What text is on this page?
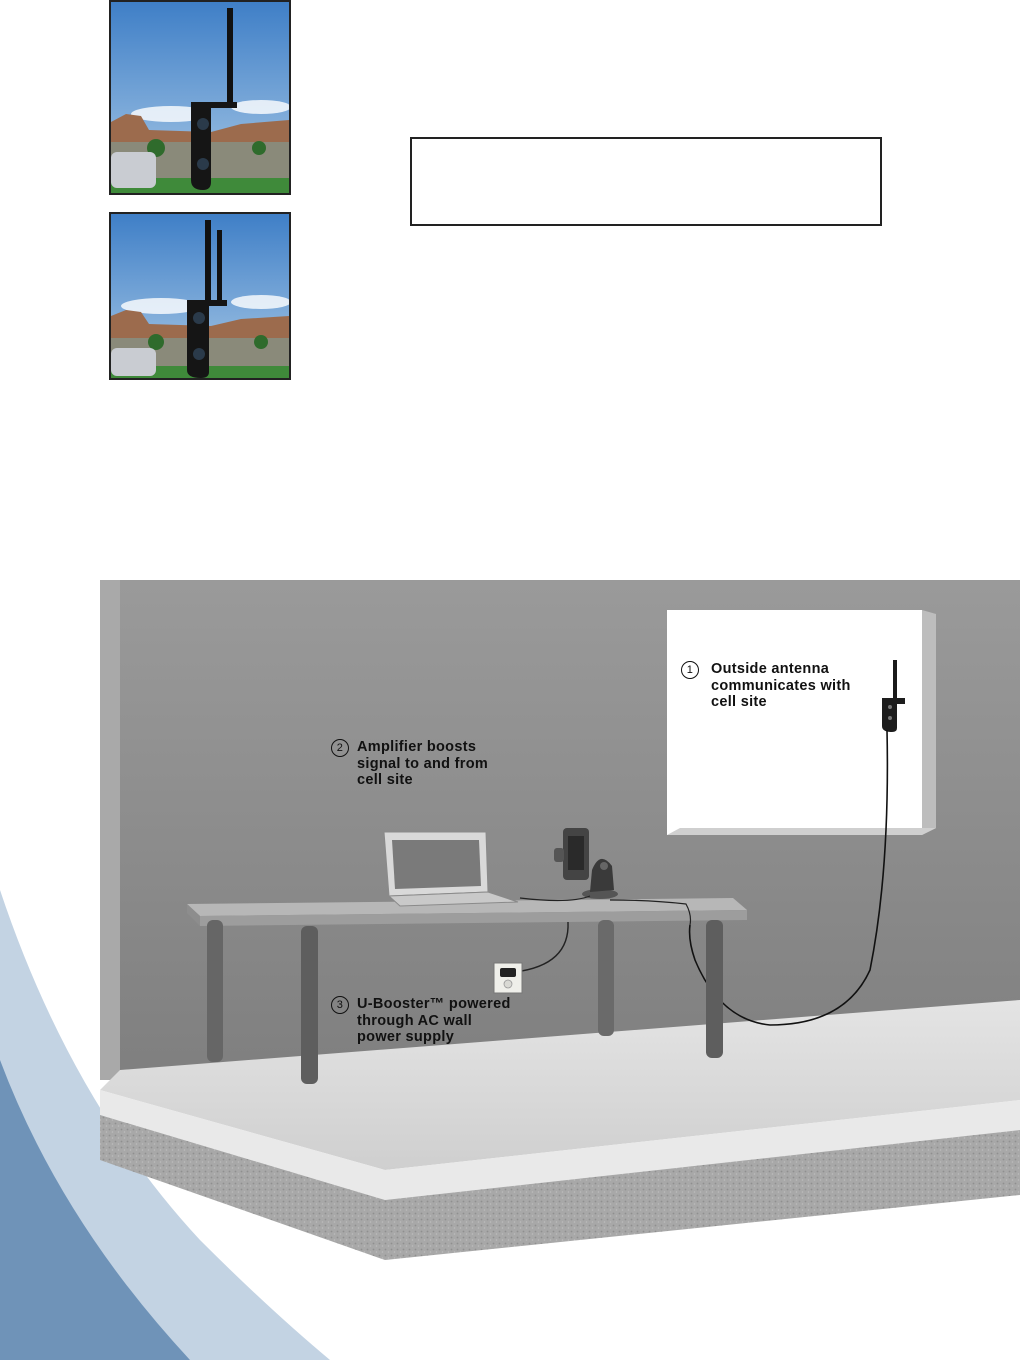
1	Outside antenna
communicates with
cell site
2 Amplifier boosts
signal to and from
cell site
3 U-Booster™ powered
through AC wall
power supply
